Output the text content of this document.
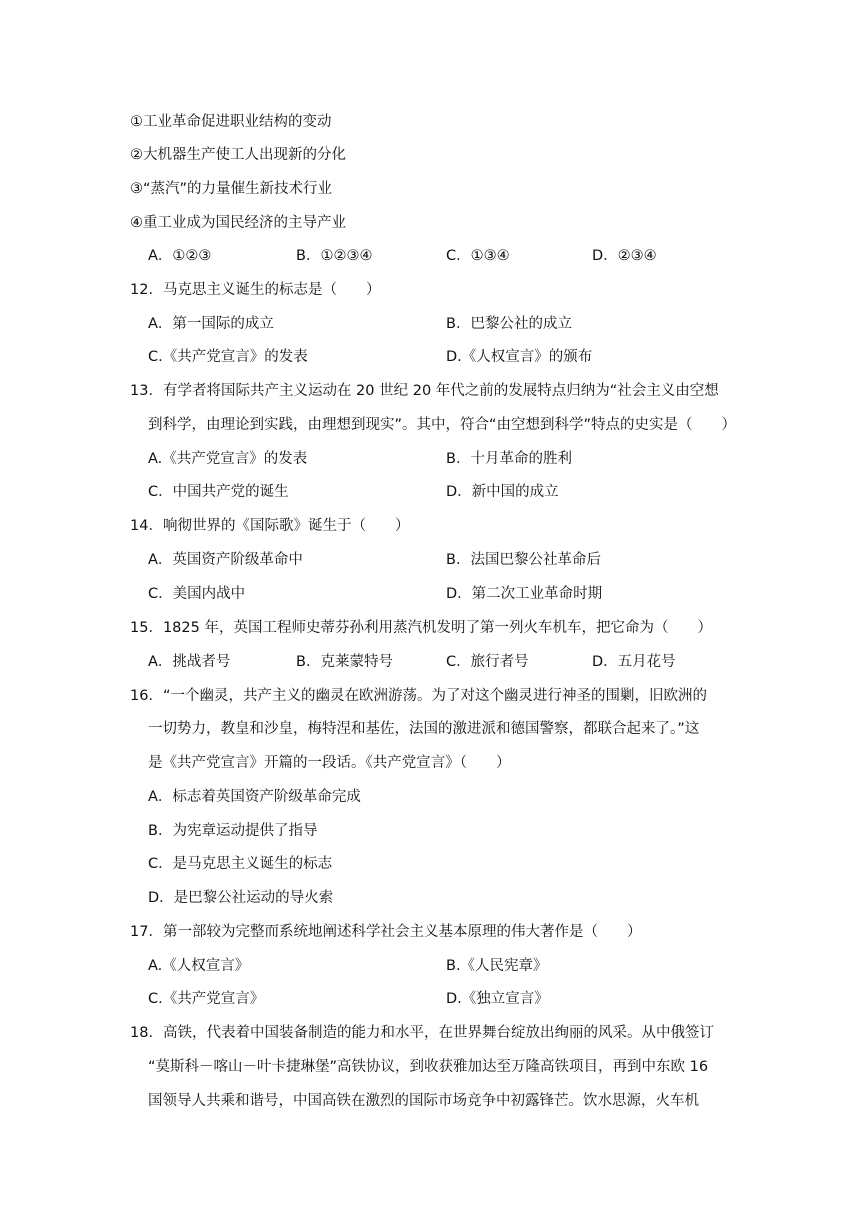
①工业革命促进职业结构的变动
②大机器生产使工人出现新的分化
③“蒸汽”的力量催生新技术行业
④重工业成为国民经济的主导产业
A．①②③	B．①②③④	C．①③④	D．②③④
12．马克思主义诞生的标志是（　　）
A．第一国际的成立	B．巴黎公社的成立
C.《共产党宣言》的发表	D.《人权宣言》的颁布
13．有学者将国际共产主义运动在 20 世纪 20 年代之前的发展特点归纳为“社会主义由空想
到科学，由理论到实践，由理想到现实”。其中，符合“由空想到科学”特点的史实是（　　）
A.《共产党宣言》的发表	B．十月革命的胜利
C．中国共产党的诞生	D．新中国的成立
14．响彻世界的《国际歌》诞生于（　　）
A．英国资产阶级革命中	B．法国巴黎公社革命后
C．美国内战中	D．第二次工业革命时期
15．1825 年，英国工程师史蒂芬孙利用蒸汽机发明了第一列火车机车，把它命为（　　）
A．挑战者号	B．克莱蒙特号	C．旅行者号	D．五月花号
16．“一个幽灵，共产主义的幽灵在欧洲游荡。为了对这个幽灵进行神圣的围剿，旧欧洲的
一切势力，教皇和沙皇，梅特涅和基佐，法国的激进派和德国警察，都联合起来了。”这
是《共产党宣言》开篇的一段话。《共产党宣言》（　　）
A．标志着英国资产阶级革命完成
B．为宪章运动提供了指导
C．是马克思主义诞生的标志
D．是巴黎公社运动的导火索
17．第一部较为完整而系统地阐述科学社会主义基本原理的伟大著作是（　　）
A.《人权宣言》	B.《人民宪章》
C.《共产党宣言》	D.《独立宣言》
18．高铁，代表着中国装备制造的能力和水平，在世界舞台绽放出绚丽的风采。从中俄签订
“莫斯科－喀山－叶卡捷琳堡”高铁协议，到收获雅加达至万隆高铁项目，再到中东欧 16
国领导人共乘和谐号，中国高铁在激烈的国际市场竞争中初露锋芒。饮水思源，火车机
